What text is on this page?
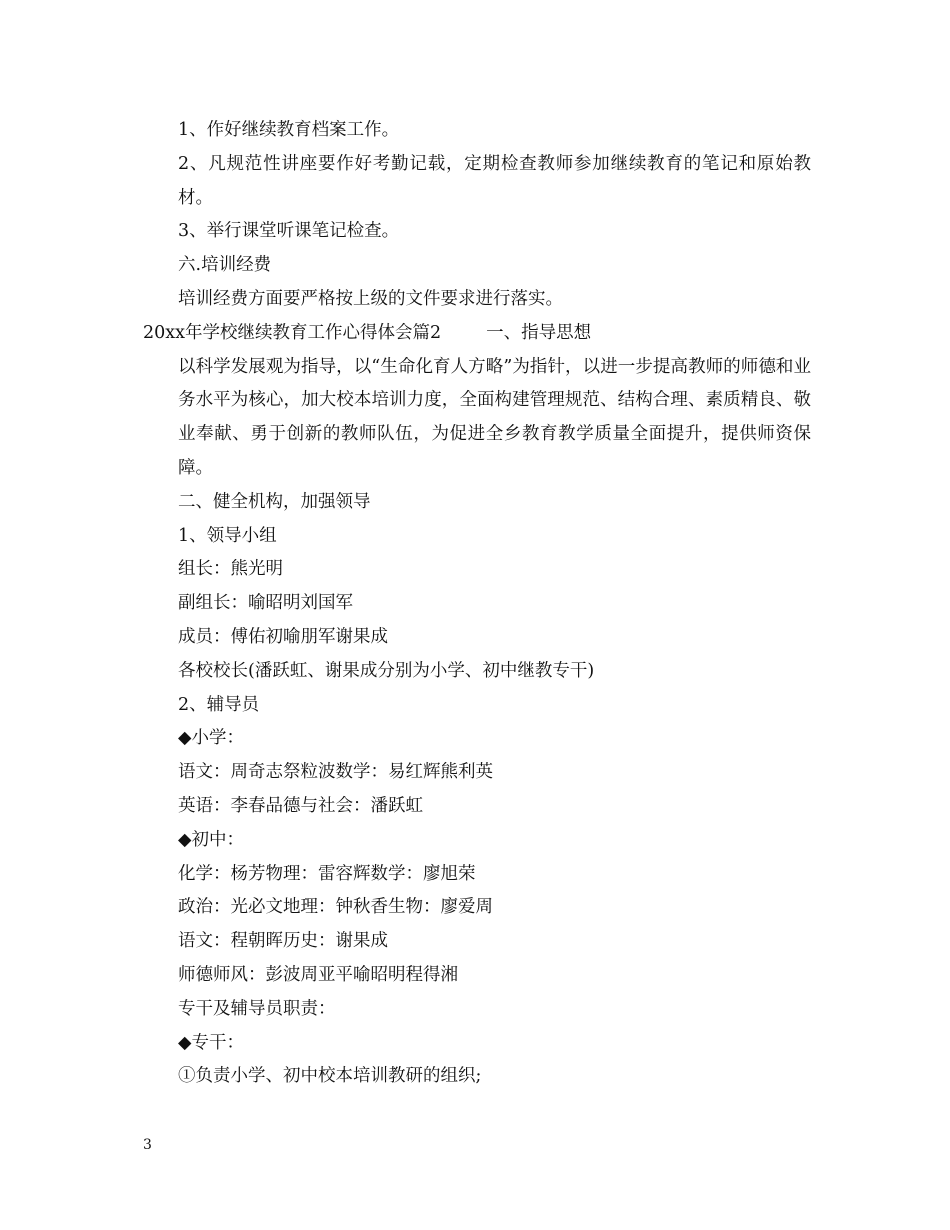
1、作好继续教育档案工作。

2、凡规范性讲座要作好考勤记载，定期检查教师参加继续教育的笔记和原始教材。

3、举行课堂听课笔记检查。

六.培训经费

培训经费方面要严格按上级的文件要求进行落实。

20xx年学校继续教育工作心得体会篇2	一、指导思想

以科学发展观为指导，以“生命化育人方略”为指针，以进一步提高教师的师德和业务水平为核心，加大校本培训力度，全面构建管理规范、结构合理、素质精良、敬业奉献、勇于创新的教师队伍，为促进全乡教育教学质量全面提升，提供师资保障。

二、健全机构，加强领导

1、领导小组

组长：熊光明

副组长：喻昭明刘国军

成员：傅佑初喻朋军谢果成

各校校长(潘跃虹、谢果成分别为小学、初中继教专干)

2、辅导员

◆小学：

语文：周奇志祭粒波数学：易红辉熊利英

英语：李春品德与社会：潘跃虹

◆初中：

化学：杨芳物理：雷容辉数学：廖旭荣

政治：光必文地理：钟秋香生物：廖爱周

语文：程朝晖历史：谢果成

师德师风：彭波周亚平喻昭明程得湘

专干及辅导员职责：

◆专干：

①负责小学、初中校本培训教研的组织;

3
